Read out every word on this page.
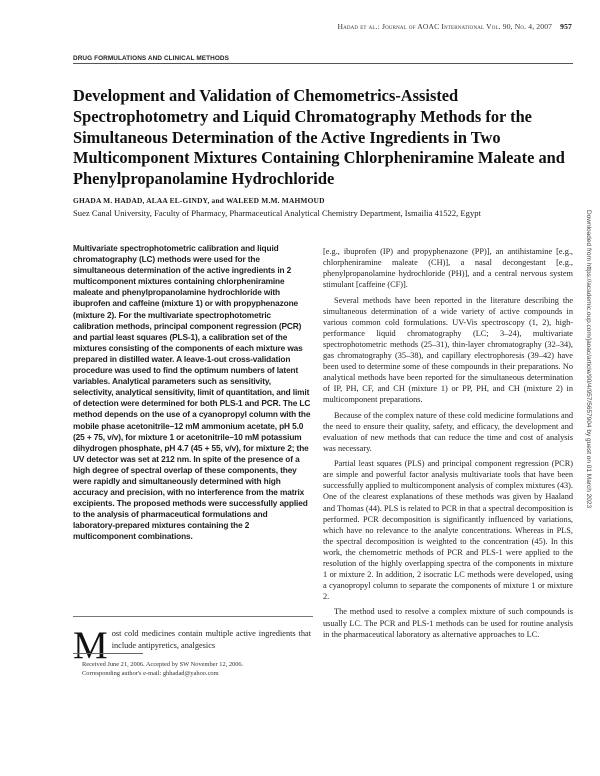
Hadad et al.: Journal of AOAC International Vol. 90, No. 4, 2007 957
DRUG FORMULATIONS AND CLINICAL METHODS
Development and Validation of Chemometrics-Assisted Spectrophotometry and Liquid Chromatography Methods for the Simultaneous Determination of the Active Ingredients in Two Multicomponent Mixtures Containing Chlorpheniramine Maleate and Phenylpropanolamine Hydrochloride
GHADA M. HADAD, ALAA EL-GINDY, and WALEED M.M. MAHMOUD
Suez Canal University, Faculty of Pharmacy, Pharmaceutical Analytical Chemistry Department, Ismailia 41522, Egypt

Multivariate spectrophotometric calibration and liquid chromatography (LC) methods were used for the simultaneous determination of the active ingredients in 2 multicomponent mixtures containing chlorpheniramine maleate and phenylpropanolamine hydrochloride with ibuprofen and caffeine (mixture 1) or with propyphenazone (mixture 2). For the multivariate spectrophotometric calibration methods, principal component regression (PCR) and partial least squares (PLS-1), a calibration set of the mixtures consisting of the components of each mixture was prepared in distilled water. A leave-1-out cross-validation procedure was used to find the optimum numbers of latent variables. Analytical parameters such as sensitivity, selectivity, analytical sensitivity, limit of quantitation, and limit of detection were determined for both PLS-1 and PCR. The LC method depends on the use of a cyanopropyl column with the mobile phase acetonitrile–12 mM ammonium acetate, pH 5.0 (25 + 75, v/v), for mixture 1 or acetonitrile–10 mM potassium dihydrogen phosphate, pH 4.7 (45 + 55, v/v), for mixture 2; the UV detector was set at 212 nm. In spite of the presence of a high degree of spectral overlap of these components, they were rapidly and simultaneously determined with high accuracy and precision, with no interference from the matrix excipients. The proposed methods were successfully applied to the analysis of pharmaceutical formulations and laboratory-prepared mixtures containing the 2 multicomponent combinations.

Most cold medicines contain multiple active ingredients that include antipyretics, analgesics

Received June 21, 2006. Accepted by SW November 12, 2006.
Corresponding author's e-mail: ghhadad@yahoo.com

[e.g., ibuprofen (IP) and propyphenazone (PP)], an antihistamine [e.g., chlorpheniramine maleate (CH)], a nasal decongestant [e.g., phenylpropanolamine hydrochloride (PH)], and a central nervous system stimulant [caffeine (CF)].

Several methods have been reported in the literature describing the simultaneous determination of a wide variety of active compounds in various common cold formulations. UV-Vis spectroscopy (1, 2), high-performance liquid chromatography (LC; 3–24), multivariate spectrophotometric methods (25–31), thin-layer chromatography (32–34), gas chromatography (35–38), and capillary electrophoresis (39–42) have been used to determine some of these compounds in their preparations. No analytical methods have been reported for the simultaneous determination of IP, PH, CF, and CH (mixture 1) or PP, PH, and CH (mixture 2) in multicomponent preparations.

Because of the complex nature of these cold medicine formulations and the need to ensure their quality, safety, and efficacy, the development and evaluation of new methods that can reduce the time and cost of analysis was necessary.

Partial least squares (PLS) and principal component regression (PCR) are simple and powerful factor analysis multivariate tools that have been successfully applied to multicomponent analysis of complex mixtures (43). One of the clearest explanations of these methods was given by Haaland and Thomas (44). PLS is related to PCR in that a spectral decomposition is performed. PCR decomposition is significantly influenced by variations, which have no relevance to the analyte concentrations. Whereas in PLS, the spectral decomposition is weighted to the concentration (45). In this work, the chemometric methods of PCR and PLS-1 were applied to the resolution of the highly overlapping spectra of the components in mixture 1 or mixture 2. In addition, 2 isocratic LC methods were developed, using a cyanopropyl column to separate the components of mixture 1 or mixture 2.

The method used to resolve a complex mixture of such compounds is usually LC. The PCR and PLS-1 methods can be used for routine analysis in the pharmaceutical laboratory as alternative approaches to LC.

Downloaded from https://academic.oup.com/jaoac/article/90/4/957/5657904 by guest on 01 March 2023
